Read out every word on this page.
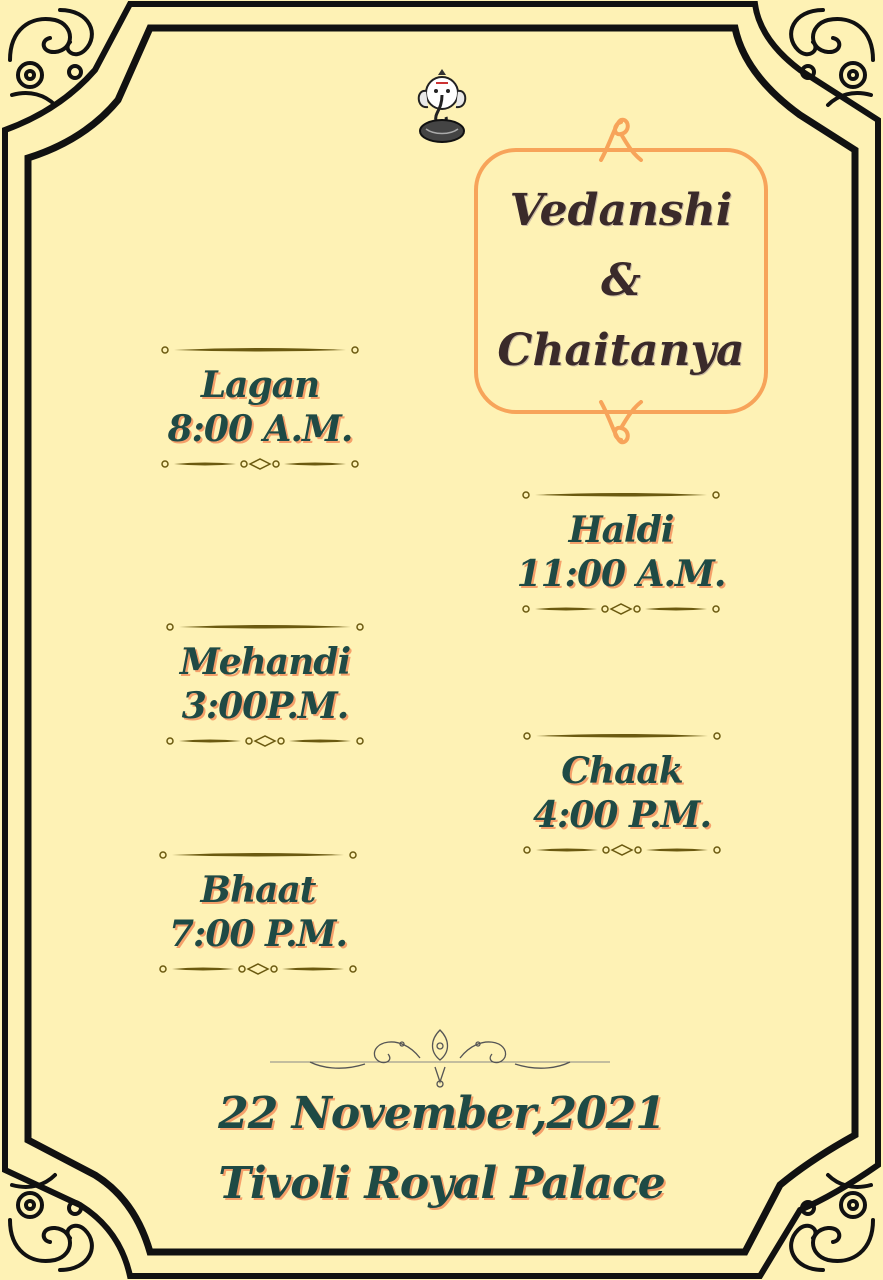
Vedanshi
&
Chaitanya
Lagan
8:00 A.M.
Haldi
11:00 A.M.
Mehandi
3:00P.M.
Chaak
4:00 P.M.
Bhaat
7:00 P.M.
22 November,2021
Tivoli Royal Palace
